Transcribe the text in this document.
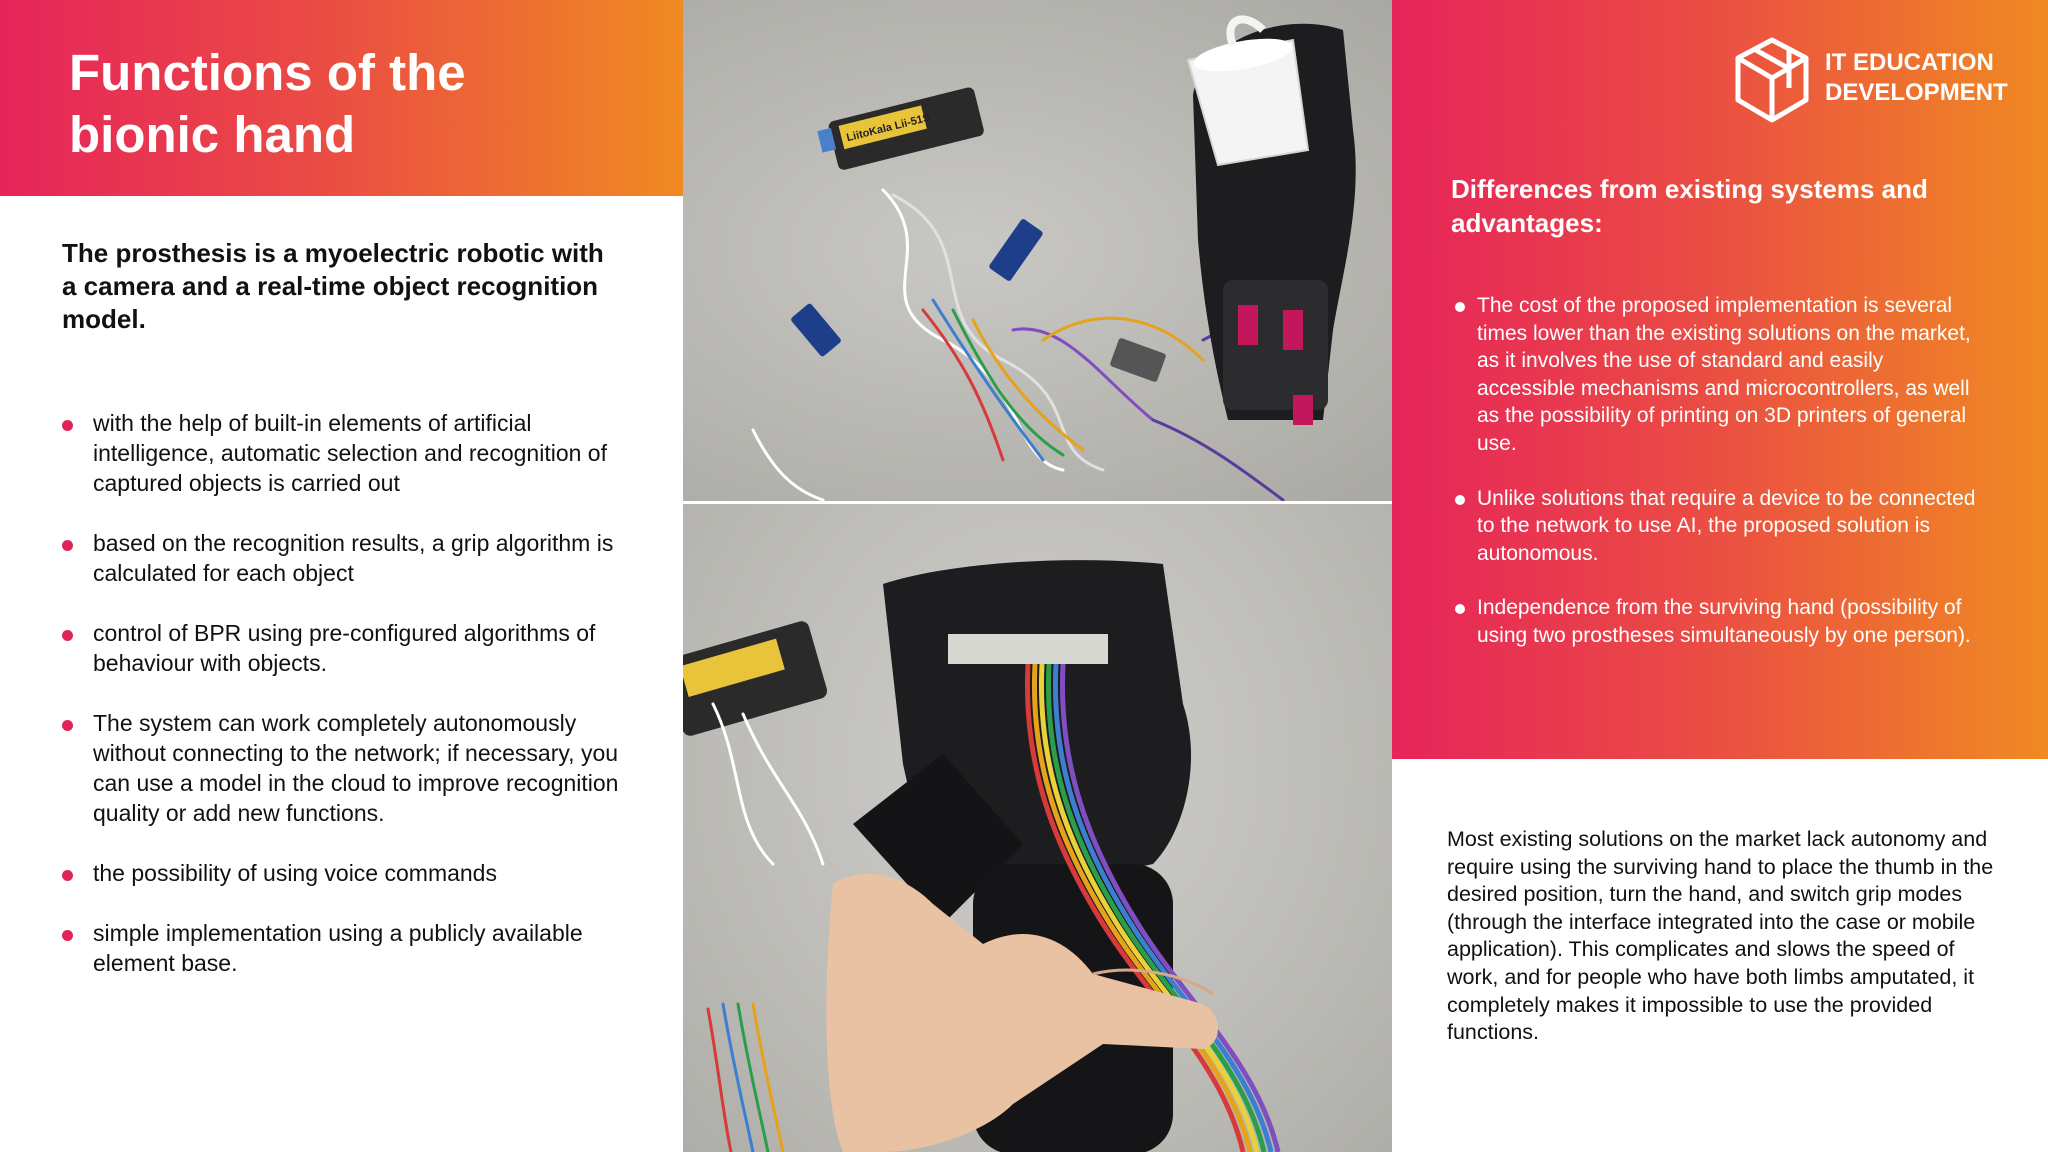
Functions of the bionic hand

The prosthesis is a myoelectric robotic with a camera and a real-time object recognition model.

with the help of built-in elements of artificial intelligence, automatic selection and recognition of captured objects is carried out
based on the recognition results, a grip algorithm is calculated for each object
control of BPR using pre-configured algorithms of behaviour with objects.
The system can work completely autonomously without connecting to the network; if necessary, you can use a model in the cloud to improve recognition quality or add new functions.
the possibility of using voice commands
simple implementation using a publicly available element base.
LiitoKala Lii-51S
IT EDUCATION
DEVELOPMENT
Differences from existing systems and advantages:
The cost of the proposed implementation is several times lower than the existing solutions on the market, as it involves the use of standard and easily accessible mechanisms and microcontrollers, as well as the possibility of printing on 3D printers of general use.
Unlike solutions that require a device to be connected to the network to use AI, the proposed solution is autonomous.
Independence from the surviving hand (possibility of using two prostheses simultaneously by one person).

Most existing solutions on the market lack autonomy and require using the surviving hand to place the thumb in the desired position, turn the hand, and switch grip modes (through the interface integrated into the case or mobile application). This complicates and slows the speed of work, and for people who have both limbs amputated, it completely makes it impossible to use the provided functions.
